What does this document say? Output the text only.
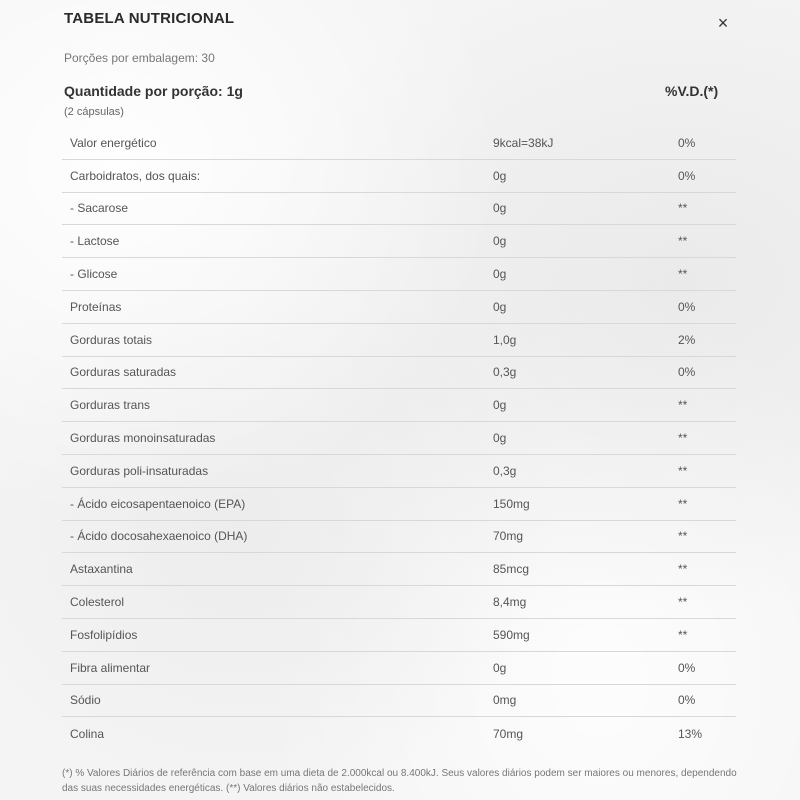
TABELA NUTRICIONAL	×
Porções por embalagem: 30
Quantidade por porção: 1g	%V.D.(*)
(2 cápsulas)
Valor energético	9kcal=38kJ	0%
Carboidratos, dos quais:	0g	0%
- Sacarose	0g	**
- Lactose	0g	**
- Glicose	0g	**
Proteínas	0g	0%
Gorduras totais	1,0g	2%
Gorduras saturadas	0,3g	0%
Gorduras trans	0g	**
Gorduras monoinsaturadas	0g	**
Gorduras poli-insaturadas	0,3g	**
- Ácido eicosapentaenoico (EPA)	150mg	**
- Ácido docosahexaenoico (DHA)	70mg	**
Astaxantina	85mcg	**
Colesterol	8,4mg	**
Fosfolipídios	590mg	**
Fibra alimentar	0g	0%
Sódio	0mg	0%
Colina	70mg	13%
(*) % Valores Diários de referência com base em uma dieta de 2.000kcal ou 8.400kJ. Seus valores diários podem ser maiores ou menores, dependendo das suas necessidades energéticas. (**) Valores diários não estabelecidos.
